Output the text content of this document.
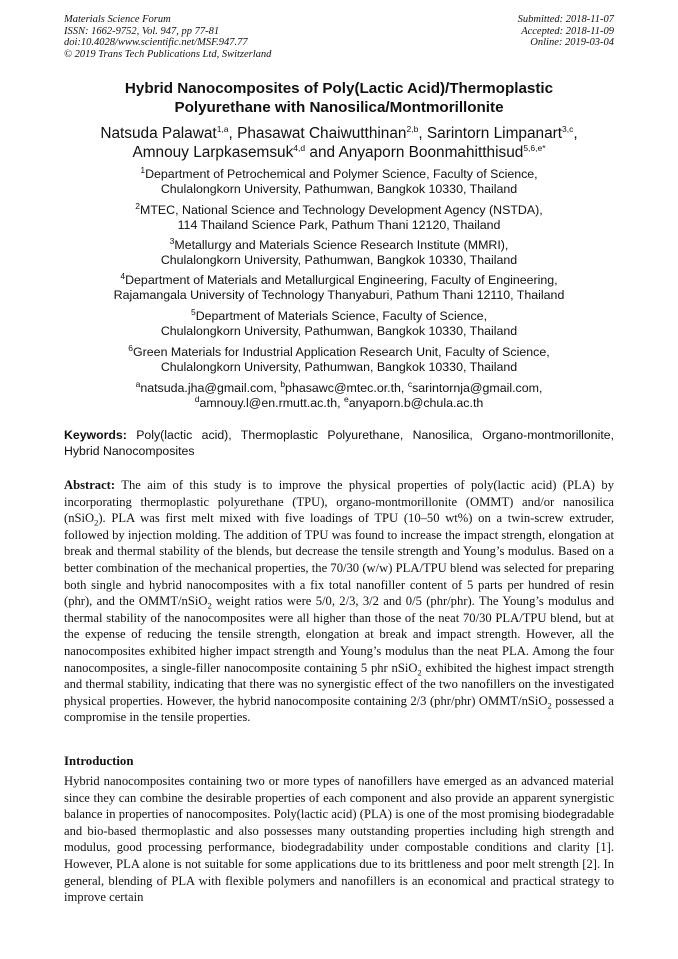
Materials Science Forum
ISSN: 1662-9752, Vol. 947, pp 77-81
doi:10.4028/www.scientific.net/MSF.947.77
© 2019 Trans Tech Publications Ltd, Switzerland
Submitted: 2018-11-07
Accepted: 2018-11-09
Online: 2019-03-04
Hybrid Nanocomposites of Poly(Lactic Acid)/Thermoplastic
Polyurethane with Nanosilica/Montmorillonite
Natsuda Palawat$^{1,a}$, Phasawat Chaiwutthinan$^{2,b}$, Sarintorn Limpanart$^{3,c}$,
Amnouy Larpkasemsuk$^{4,d}$ and Anyaporn Boonmahitthisud$^{5,6,e*}$
$^1$Department of Petrochemical and Polymer Science, Faculty of Science,
Chulalongkorn University, Pathumwan, Bangkok 10330, Thailand
$^2$MTEC, National Science and Technology Development Agency (NSTDA),
114 Thailand Science Park, Pathum Thani 12120, Thailand
$^3$Metallurgy and Materials Science Research Institute (MMRI),
Chulalongkorn University, Pathumwan, Bangkok 10330, Thailand
$^4$Department of Materials and Metallurgical Engineering, Faculty of Engineering,
Rajamangala University of Technology Thanyaburi, Pathum Thani 12110, Thailand
$^5$Department of Materials Science, Faculty of Science,
Chulalongkorn University, Pathumwan, Bangkok 10330, Thailand
$^6$Green Materials for Industrial Application Research Unit, Faculty of Science,
Chulalongkorn University, Pathumwan, Bangkok 10330, Thailand
$^a$natsuda.jha@gmail.com, $^b$phasawc@mtec.or.th, $^c$sarintornja@gmail.com,
$^d$amnouy.l@en.rmutt.ac.th, $^e$anyaporn.b@chula.ac.th
Keywords: Poly(lactic acid), Thermoplastic Polyurethane, Nanosilica, Organo-montmorillonite, Hybrid Nanocomposites
Abstract: The aim of this study is to improve the physical properties of poly(lactic acid) (PLA) by incorporating thermoplastic polyurethane (TPU), organo-montmorillonite (OMMT) and/or nanosilica (nSiO$_2$). PLA was first melt mixed with five loadings of TPU (10–50 wt%) on a twin-screw extruder, followed by injection molding. The addition of TPU was found to increase the impact strength, elongation at break and thermal stability of the blends, but decrease the tensile strength and Young’s modulus. Based on a better combination of the mechanical properties, the 70/30 (w/w) PLA/TPU blend was selected for preparing both single and hybrid nanocomposites with a fix total nanofiller content of 5 parts per hundred of resin (phr), and the OMMT/nSiO$_2$ weight ratios were 5/0, 2/3, 3/2 and 0/5 (phr/phr). The Young’s modulus and thermal stability of the nanocomposites were all higher than those of the neat 70/30 PLA/TPU blend, but at the expense of reducing the tensile strength, elongation at break and impact strength. However, all the nanocomposites exhibited higher impact strength and Young’s modulus than the neat PLA. Among the four nanocomposites, a single-filler nanocomposite containing 5 phr nSiO$_2$ exhibited the highest impact strength and thermal stability, indicating that there was no synergistic effect of the two nanofillers on the investigated physical properties. However, the hybrid nanocomposite containing 2/3 (phr/phr) OMMT/nSiO$_2$ possessed a compromise in the tensile properties.
Introduction
Hybrid nanocomposites containing two or more types of nanofillers have emerged as an advanced material since they can combine the desirable properties of each component and also provide an apparent synergistic balance in properties of nanocomposites. Poly(lactic acid) (PLA) is one of the most promising biodegradable and bio-based thermoplastic and also possesses many outstanding properties including high strength and modulus, good processing performance, biodegradability under compostable conditions and clarity [1]. However, PLA alone is not suitable for some applications due to its brittleness and poor melt strength [2]. In general, blending of PLA with flexible polymers and nanofillers is an economical and practical strategy to improve certain
